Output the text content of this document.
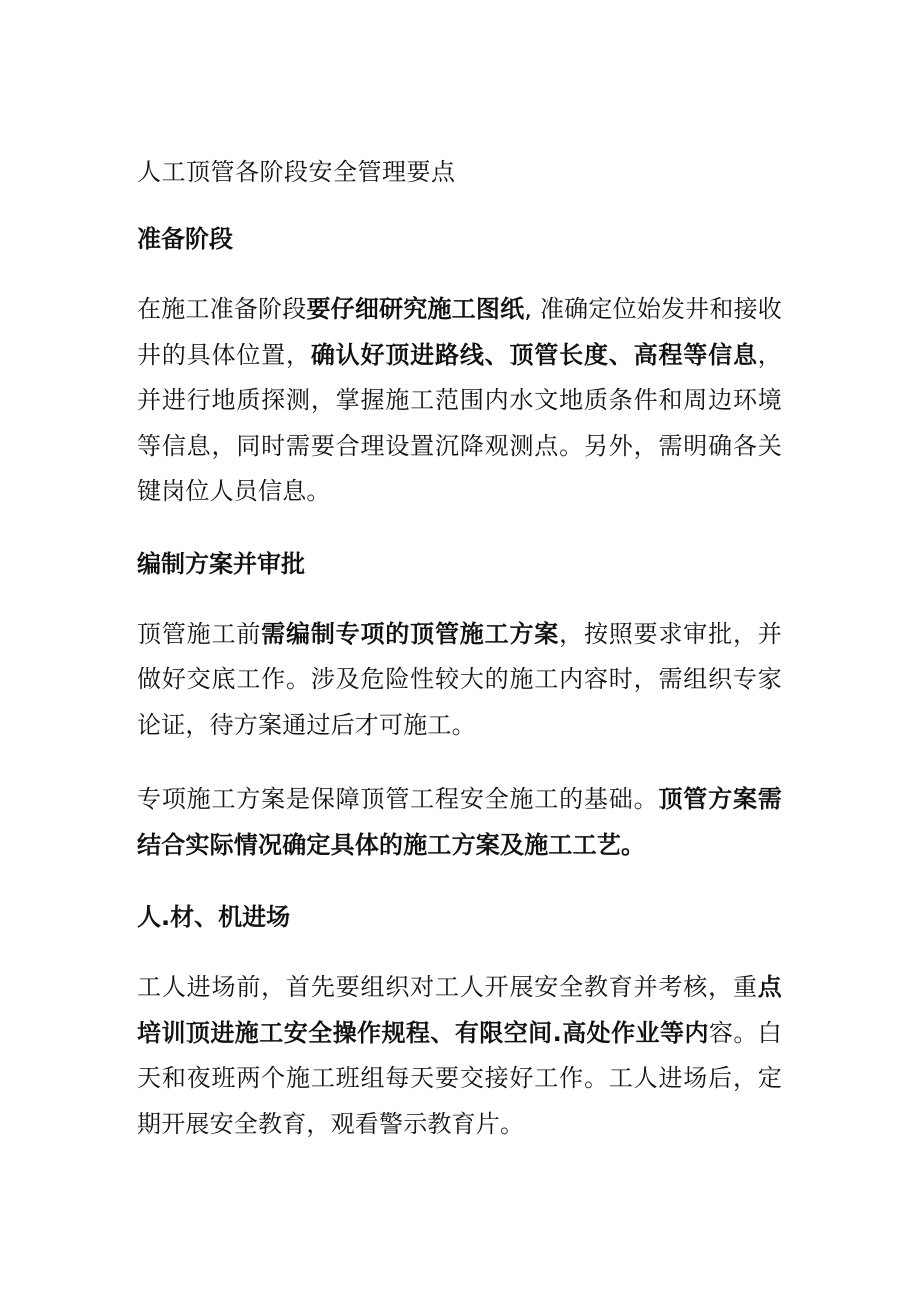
人工顶管各阶段安全管理要点
准备阶段

在施工准备阶段要仔细研究施工图纸, 准确定位始发井和接收井的具体位置，确认好顶进路线、顶管长度、高程等信息，并进行地质探测，掌握施工范围内水文地质条件和周边环境等信息，同时需要合理设置沉降观测点。另外，需明确各关键岗位人员信息。

编制方案并审批

顶管施工前需编制专项的顶管施工方案，按照要求审批，并做好交底工作。涉及危险性较大的施工内容时，需组织专家论证，待方案通过后才可施工。

专项施工方案是保障顶管工程安全施工的基础。顶管方案需结合实际情况确定具体的施工方案及施工工艺。

人.材、机进场

工人进场前，首先要组织对工人开展安全教育并考核，重点培训顶进施工安全操作规程、有限空间.高处作业等内容。白天和夜班两个施工班组每天要交接好工作。工人进场后，定期开展安全教育，观看警示教育片。
